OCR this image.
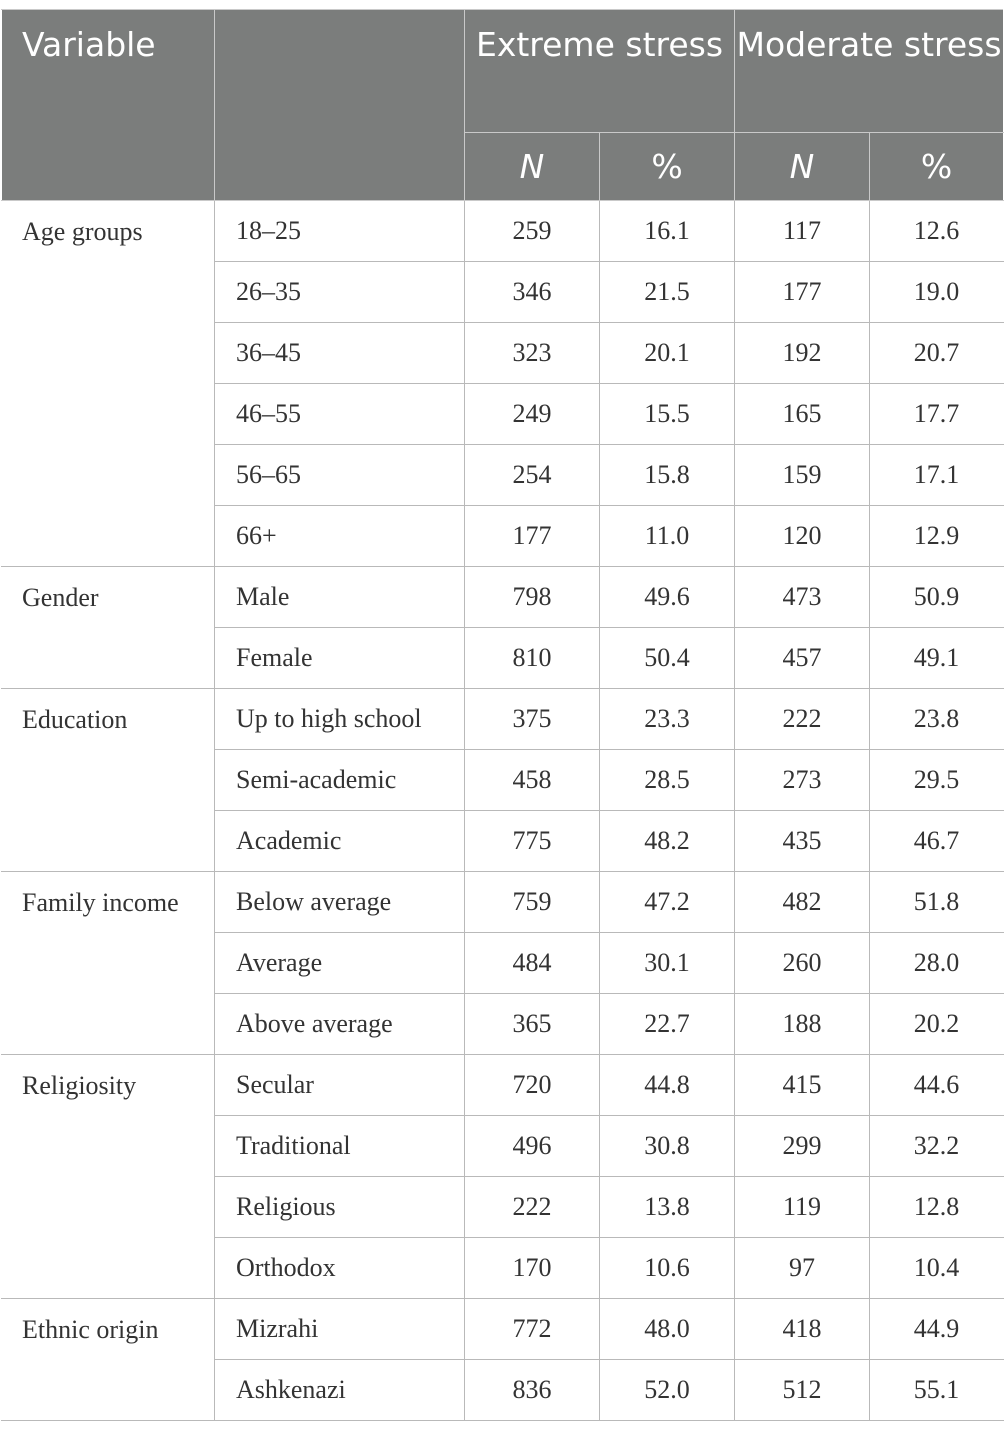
Variable		Extreme stress		Moderate stress	
		N	%	N	%
Age groups	18–25	259	16.1	117	12.6
	26–35	346	21.5	177	19.0
	36–45	323	20.1	192	20.7
	46–55	249	15.5	165	17.7
	56–65	254	15.8	159	17.1
	66+	177	11.0	120	12.9
Gender	Male	798	49.6	473	50.9
	Female	810	50.4	457	49.1
Education	Up to high school	375	23.3	222	23.8
	Semi-academic	458	28.5	273	29.5
	Academic	775	48.2	435	46.7
Family income	Below average	759	47.2	482	51.8
	Average	484	30.1	260	28.0
	Above average	365	22.7	188	20.2
Religiosity	Secular	720	44.8	415	44.6
	Traditional	496	30.8	299	32.2
	Religious	222	13.8	119	12.8
	Orthodox	170	10.6	97	10.4
Ethnic origin	Mizrahi	772	48.0	418	44.9
	Ashkenazi	836	52.0	512	55.1
